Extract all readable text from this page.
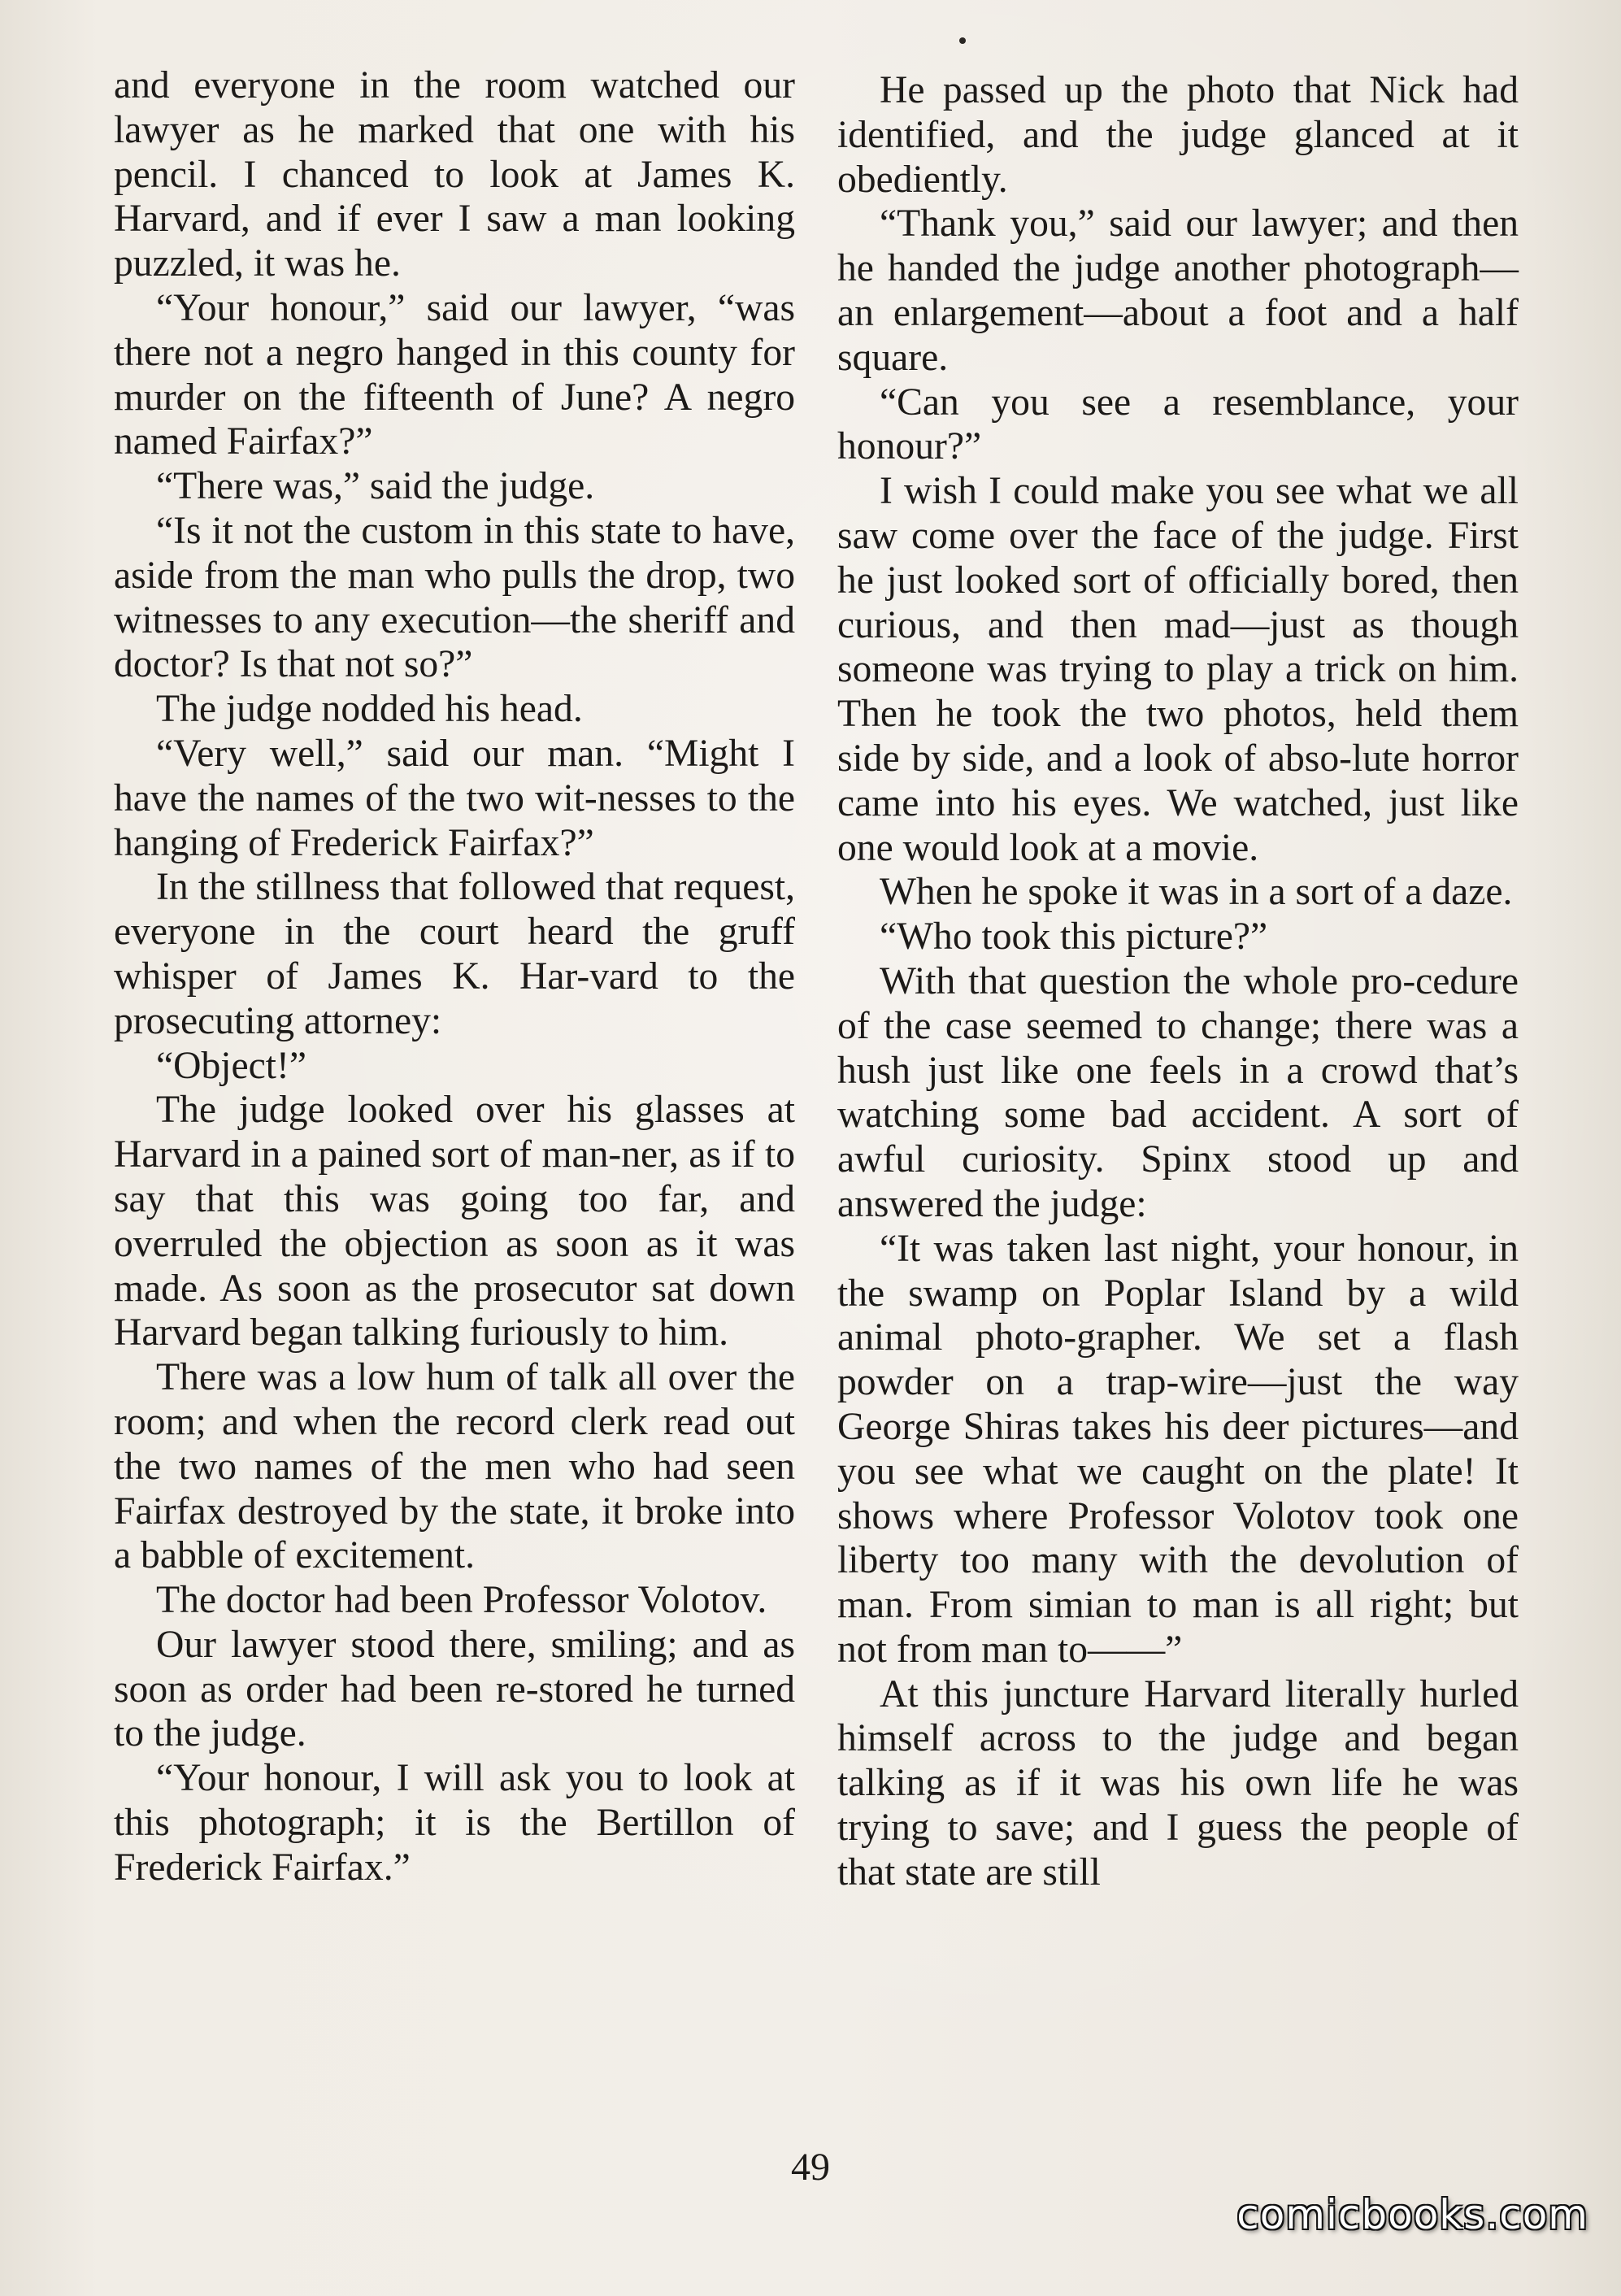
and everyone in the room watched our lawyer as he marked that one with his pencil. I chanced to look at James K. Harvard, and if ever I saw a man looking puzzled, it was he.

“Your honour,” said our lawyer, “was there not a negro hanged in this county for murder on the fifteenth of June? A negro named Fairfax?”

“There was,” said the judge.

“Is it not the custom in this state to have, aside from the man who pulls the drop, two witnesses to any execution—the sheriff and doctor? Is that not so?”

The judge nodded his head.

“Very well,” said our man. “Might I have the names of the two wit-nesses to the hanging of Frederick Fairfax?”

In the stillness that followed that request, everyone in the court heard the gruff whisper of James K. Har-vard to the prosecuting attorney:

“Object!”

The judge looked over his glasses at Harvard in a pained sort of man-ner, as if to say that this was going too far, and overruled the objection as soon as it was made. As soon as the prosecutor sat down Harvard began talking furiously to him.

There was a low hum of talk all over the room; and when the record clerk read out the two names of the men who had seen Fairfax destroyed by the state, it broke into a babble of excitement.

The doctor had been Professor Volotov.

Our lawyer stood there, smiling; and as soon as order had been re-stored he turned to the judge.

“Your honour, I will ask you to look at this photograph; it is the Bertillon of Frederick Fairfax.”

He passed up the photo that Nick had identified, and the judge glanced at it obediently.

“Thank you,” said our lawyer; and then he handed the judge another photograph—an enlargement—about a foot and a half square.

“Can you see a resemblance, your honour?”

I wish I could make you see what we all saw come over the face of the judge. First he just looked sort of officially bored, then curious, and then mad—just as though someone was trying to play a trick on him. Then he took the two photos, held them side by side, and a look of abso-lute horror came into his eyes. We watched, just like one would look at a movie.

When he spoke it was in a sort of a daze.

“Who took this picture?”

With that question the whole pro-cedure of the case seemed to change; there was a hush just like one feels in a crowd that’s watching some bad accident. A sort of awful curiosity. Spinx stood up and answered the judge:

“It was taken last night, your honour, in the swamp on Poplar Island by a wild animal photo-grapher. We set a flash powder on a trap-wire—just the way George Shiras takes his deer pictures—and you see what we caught on the plate! It shows where Professor Volotov took one liberty too many with the devolution of man. From simian to man is all right; but not from man to——”

At this juncture Harvard literally hurled himself across to the judge and began talking as if it was his own life he was trying to save; and I guess the people of that state are still

49
comicbooks.com
